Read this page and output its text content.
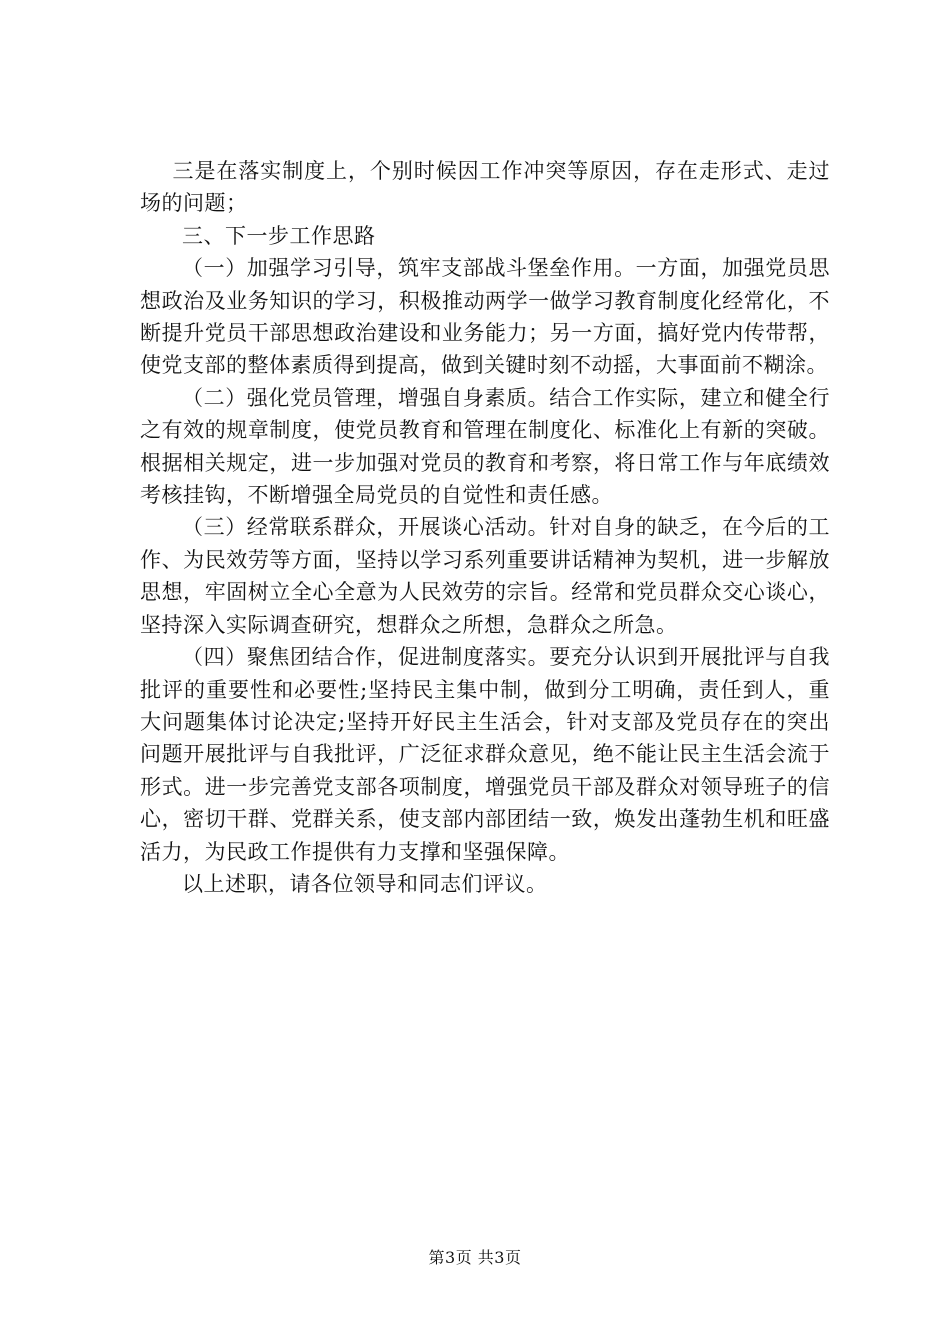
三是在落实制度上，个别时候因工作冲突等原因，存在走形式、走过场的问题；

三、下一步工作思路

（一）加强学习引导，筑牢支部战斗堡垒作用。一方面，加强党员思想政治及业务知识的学习，积极推动两学一做学习教育制度化经常化，不断提升党员干部思想政治建设和业务能力；另一方面，搞好党内传带帮，使党支部的整体素质得到提高，做到关键时刻不动摇，大事面前不糊涂。

（二）强化党员管理，增强自身素质。结合工作实际，建立和健全行之有效的规章制度，使党员教育和管理在制度化、标准化上有新的突破。根据相关规定，进一步加强对党员的教育和考察，将日常工作与年底绩效考核挂钩，不断增强全局党员的自觉性和责任感。

（三）经常联系群众，开展谈心活动。针对自身的缺乏，在今后的工作、为民效劳等方面，坚持以学习系列重要讲话精神为契机，进一步解放思想，牢固树立全心全意为人民效劳的宗旨。经常和党员群众交心谈心，坚持深入实际调查研究，想群众之所想，急群众之所急。

（四）聚焦团结合作，促进制度落实。要充分认识到开展批评与自我批评的重要性和必要性;坚持民主集中制，做到分工明确，责任到人，重大问题集体讨论决定;坚持开好民主生活会，针对支部及党员存在的突出问题开展批评与自我批评，广泛征求群众意见，绝不能让民主生活会流于形式。进一步完善党支部各项制度，增强党员干部及群众对领导班子的信心，密切干群、党群关系，使支部内部团结一致，焕发出蓬勃生机和旺盛活力，为民政工作提供有力支撑和坚强保障。

以上述职，请各位领导和同志们评议。

第3页 共3页
